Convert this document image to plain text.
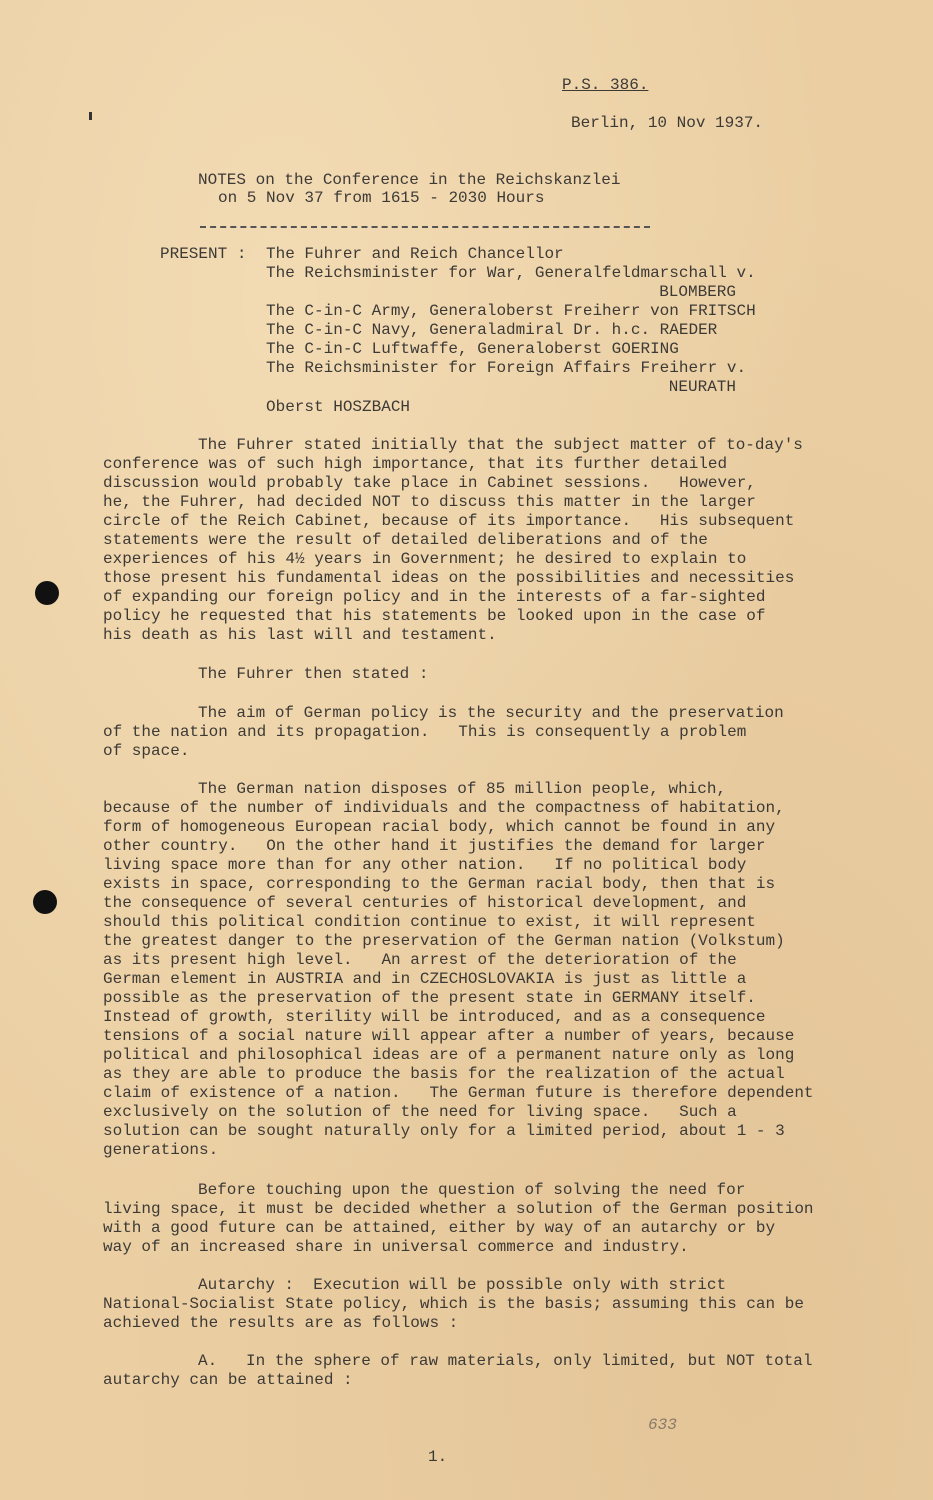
P.S. 386.
Berlin, 10 Nov 1937.
NOTES on the Conference in the Reichskanzlei
on 5 Nov 37 from 1615 - 2030 Hours
PRESENT : The Fuhrer and Reich Chancellor
The Reichsminister for War, Generalfeldmarschall v.
BLOMBERG
The C-in-C Army, Generaloberst Freiherr von FRITSCH
The C-in-C Navy, Generaladmiral Dr. h.c. RAEDER
The C-in-C Luftwaffe, Generaloberst GOERING
The Reichsminister for Foreign Affairs Freiherr v.
NEURATH
Oberst HOSZBACH
The Fuhrer stated initially that the subject matter of to-day's
conference was of such high importance, that its further detailed
discussion would probably take place in Cabinet sessions.   However,
he, the Fuhrer, had decided NOT to discuss this matter in the larger
circle of the Reich Cabinet, because of its importance.   His subsequent
statements were the result of detailed deliberations and of the
experiences of his 4½ years in Government; he desired to explain to
those present his fundamental ideas on the possibilities and necessities
of expanding our foreign policy and in the interests of a far-sighted
policy he requested that his statements be looked upon in the case of
his death as his last will and testament.
The Fuhrer then stated :
The aim of German policy is the security and the preservation
of the nation and its propagation.   This is consequently a problem
of space.
The German nation disposes of 85 million people, which,
because of the number of individuals and the compactness of habitation,
form of homogeneous European racial body, which cannot be found in any
other country.   On the other hand it justifies the demand for larger
living space more than for any other nation.   If no political body
exists in space, corresponding to the German racial body, then that is
the consequence of several centuries of historical development, and
should this political condition continue to exist, it will represent
the greatest danger to the preservation of the German nation (Volkstum)
as its present high level.   An arrest of the deterioration of the
German element in AUSTRIA and in CZECHOSLOVAKIA is just as little a
possible as the preservation of the present state in GERMANY itself.
Instead of growth, sterility will be introduced, and as a consequence
tensions of a social nature will appear after a number of years, because
political and philosophical ideas are of a permanent nature only as long
as they are able to produce the basis for the realization of the actual
claim of existence of a nation.   The German future is therefore dependent
exclusively on the solution of the need for living space.   Such a
solution can be sought naturally only for a limited period, about 1 - 3
generations.
Before touching upon the question of solving the need for
living space, it must be decided whether a solution of the German position
with a good future can be attained, either by way of an autarchy or by
way of an increased share in universal commerce and industry.
Autarchy :  Execution will be possible only with strict
National-Socialist State policy, which is the basis; assuming this can be
achieved the results are as follows :
A.   In the sphere of raw materials, only limited, but NOT total
autarchy can be attained :
633
1.
